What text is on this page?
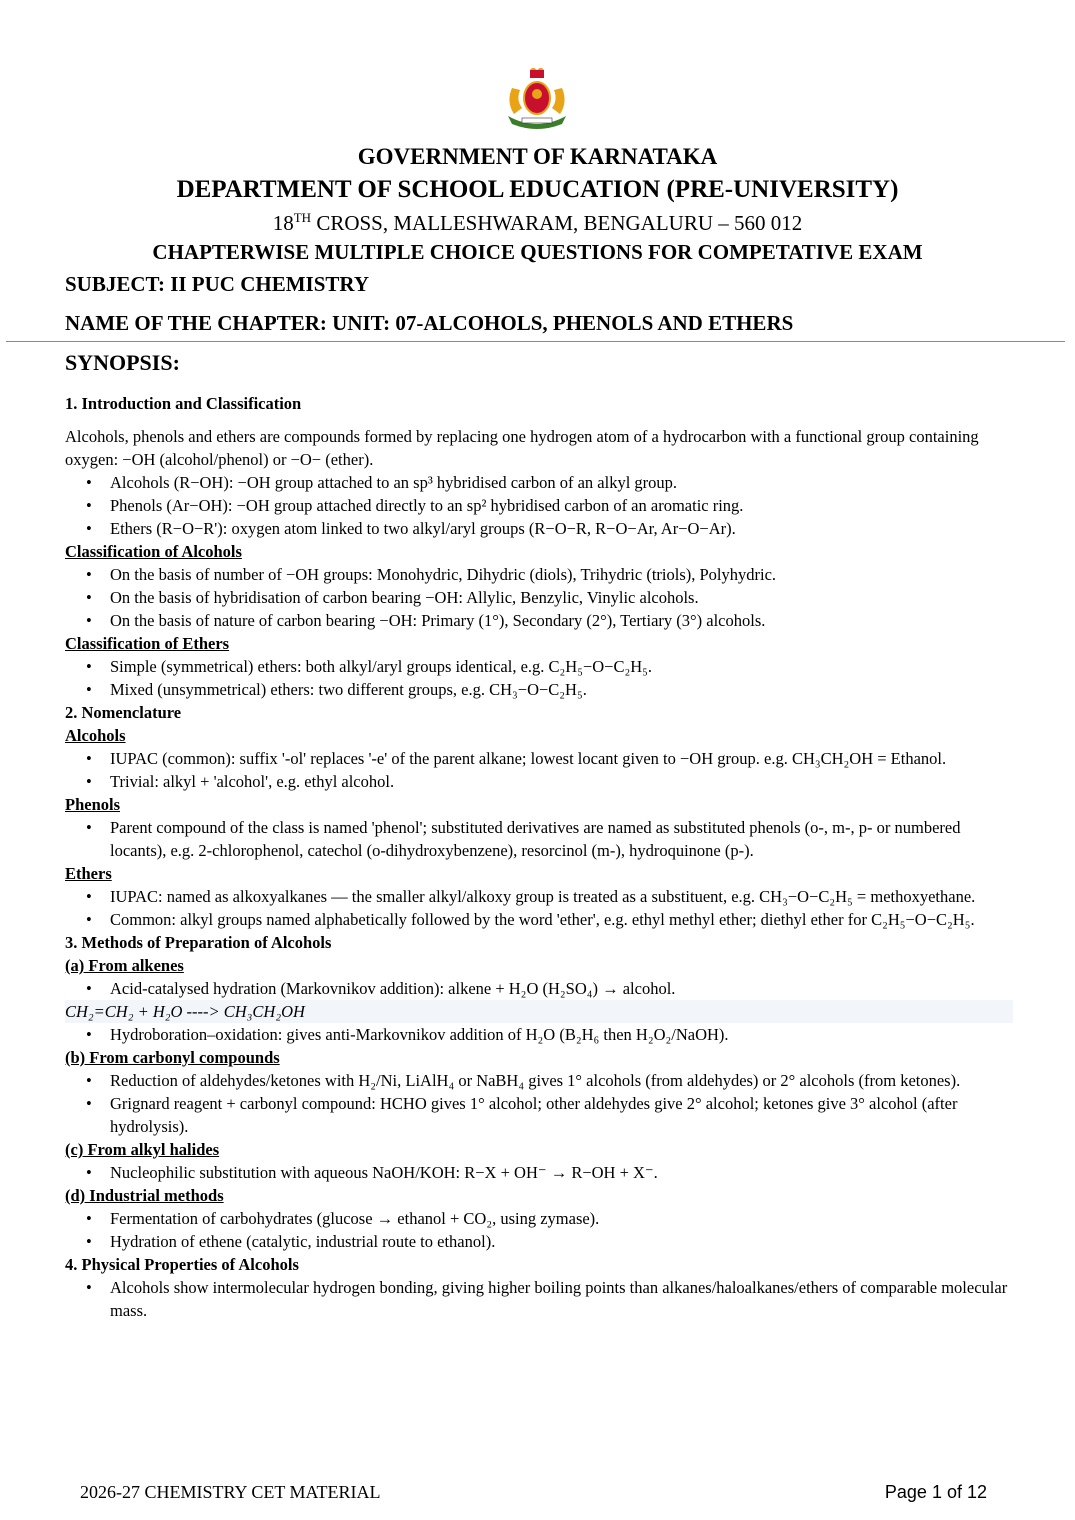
GOVERNMENT OF KARNATAKA
DEPARTMENT OF SCHOOL EDUCATION (PRE-UNIVERSITY)
18TH CROSS, MALLESHWARAM, BENGALURU – 560 012
CHAPTERWISE MULTIPLE CHOICE QUESTIONS FOR COMPETATIVE EXAM
SUBJECT: II PUC CHEMISTRY
NAME OF THE CHAPTER: UNIT: 07-ALCOHOLS, PHENOLS AND ETHERS
SYNOPSIS:

1. Introduction and Classification

Alcohols, phenols and ethers are compounds formed by replacing one hydrogen atom of a hydrocarbon with a functional group containing oxygen: −OH (alcohol/phenol) or −O− (ether).

• Alcohols (R−OH): −OH group attached to an sp³ hybridised carbon of an alkyl group.
• Phenols (Ar−OH): −OH group attached directly to an sp² hybridised carbon of an aromatic ring.
• Ethers (R−O−R'): oxygen atom linked to two alkyl/aryl groups (R−O−R, R−O−Ar, Ar−O−Ar).

Classification of Alcohols

• On the basis of number of −OH groups: Monohydric, Dihydric (diols), Trihydric (triols), Polyhydric.
• On the basis of hybridisation of carbon bearing −OH: Allylic, Benzylic, Vinylic alcohols.
• On the basis of nature of carbon bearing −OH: Primary (1°), Secondary (2°), Tertiary (3°) alcohols.

Classification of Ethers

• Simple (symmetrical) ethers: both alkyl/aryl groups identical, e.g. C₂H₅−O−C₂H₅.
• Mixed (unsymmetrical) ethers: two different groups, e.g. CH₃−O−C₂H₅.

2. Nomenclature

Alcohols

• IUPAC (common): suffix '-ol' replaces '-e' of the parent alkane; lowest locant given to −OH group. e.g. CH₃CH₂OH = Ethanol.
• Trivial: alkyl + 'alcohol', e.g. ethyl alcohol.

Phenols

• Parent compound of the class is named 'phenol'; substituted derivatives are named as substituted phenols (o-, m-, p- or numbered locants), e.g. 2-chlorophenol, catechol (o-dihydroxybenzene), resorcinol (m-), hydroquinone (p-).

Ethers

• IUPAC: named as alkoxyalkanes — the smaller alkyl/alkoxy group is treated as a substituent, e.g. CH₃−O−C₂H₅ = methoxyethane.
• Common: alkyl groups named alphabetically followed by the word 'ether', e.g. ethyl methyl ether; diethyl ether for C₂H₅−O−C₂H₅.

3. Methods of Preparation of Alcohols

(a) From alkenes

• Acid-catalysed hydration (Markovnikov addition): alkene + H₂O (H₂SO₄) → alcohol.

CH₂=CH₂ + H₂O ----> CH₃CH₂OH

• Hydroboration–oxidation: gives anti-Markovnikov addition of H₂O (B₂H₆ then H₂O₂/NaOH).

(b) From carbonyl compounds

• Reduction of aldehydes/ketones with H₂/Ni, LiAlH₄ or NaBH₄ gives 1° alcohols (from aldehydes) or 2° alcohols (from ketones).
• Grignard reagent + carbonyl compound: HCHO gives 1° alcohol; other aldehydes give 2° alcohol; ketones give 3° alcohol (after hydrolysis).

(c) From alkyl halides

• Nucleophilic substitution with aqueous NaOH/KOH: R−X + OH⁻ → R−OH + X⁻.

(d) Industrial methods

• Fermentation of carbohydrates (glucose → ethanol + CO₂, using zymase).
• Hydration of ethene (catalytic, industrial route to ethanol).

4. Physical Properties of Alcohols

• Alcohols show intermolecular hydrogen bonding, giving higher boiling points than alkanes/haloalkanes/ethers of comparable molecular mass.
2026-27 CHEMISTRY CET MATERIAL	Page 1 of 12
